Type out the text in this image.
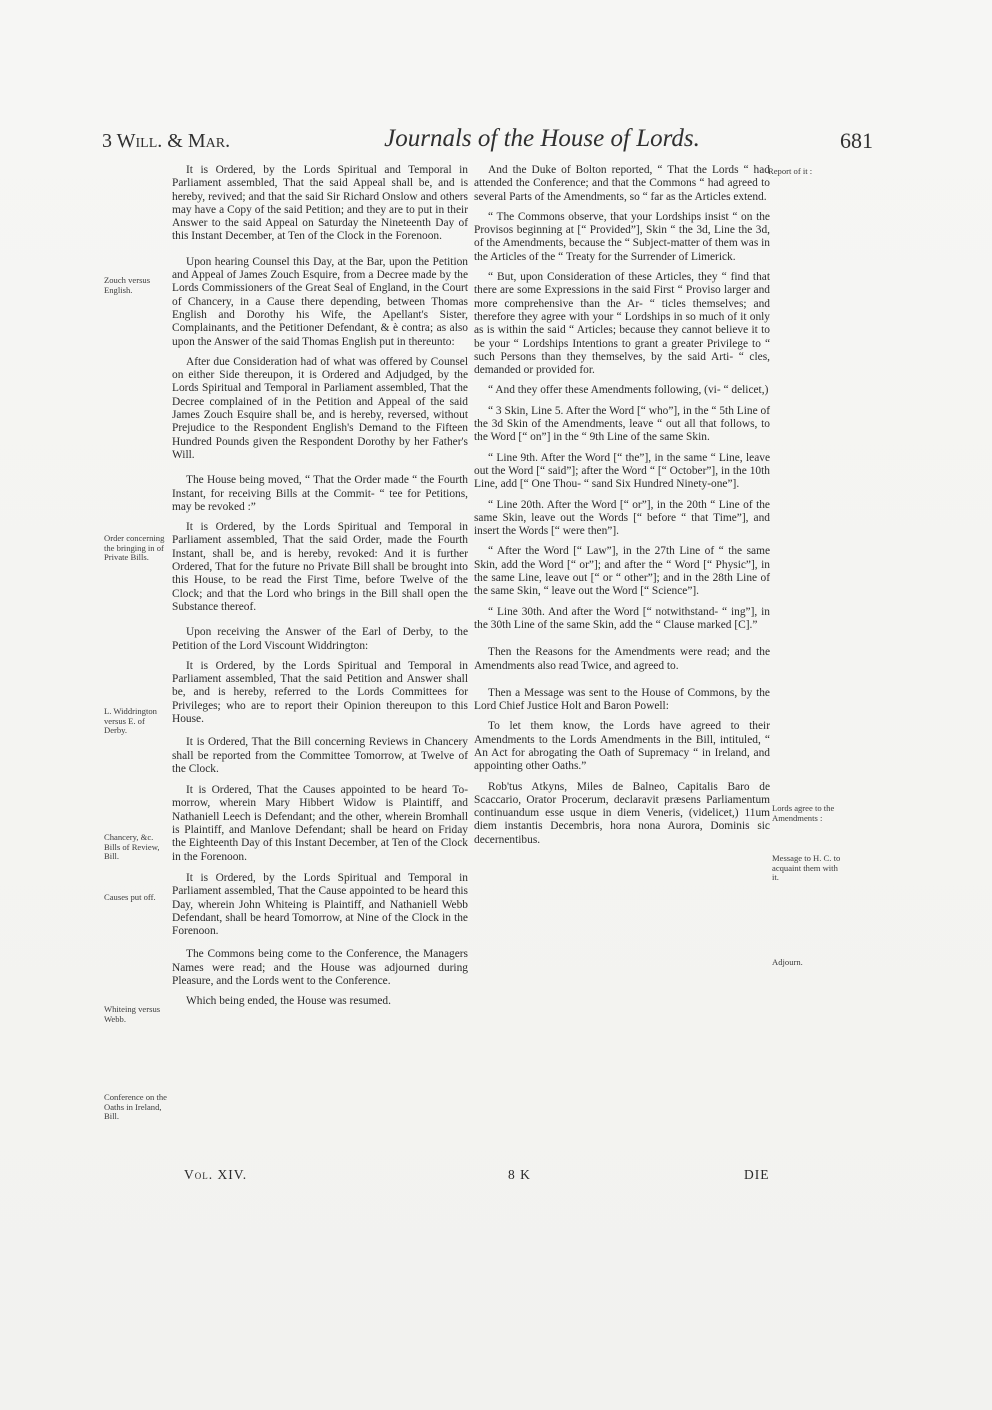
3 Will. & Mar.	Journals of the House of Lords.	681
Zouch versus English.
Order concerning the bringing in of Private Bills.
L. Widdrington versus E. of Derby.
Chancery, &c. Bills of Review, Bill.
Causes put off.
Whiteing versus Webb.
Conference on the Oaths in Ireland, Bill.
Report of it :
Lords agree to the Amendments :
Message to H. C. to acquaint them with it.
Adjourn.

It is Ordered, by the Lords Spiritual and Temporal in Parliament assembled, That the said Appeal shall be, and is hereby, revived; and that the said Sir Richard Onslow and others may have a Copy of the said Petition; and they are to put in their Answer to the said Appeal on Saturday the Nineteenth Day of this Instant December, at Ten of the Clock in the Forenoon.

Upon hearing Counsel this Day, at the Bar, upon the Petition and Appeal of James Zouch Esquire, from a Decree made by the Lords Commissioners of the Great Seal of England, in the Court of Chancery, in a Cause there depending, between Thomas English and Dorothy his Wife, the Apellant's Sister, Complainants, and the Petitioner Defendant, & è contra; as also upon the Answer of the said Thomas English put in thereunto:

After due Consideration had of what was offered by Counsel on either Side thereupon, it is Ordered and Adjudged, by the Lords Spiritual and Temporal in Parliament assembled, That the Decree complained of in the Petition and Appeal of the said James Zouch Esquire shall be, and is hereby, reversed, without Prejudice to the Respondent English's Demand to the Fifteen Hundred Pounds given the Respondent Dorothy by her Father's Will.

The House being moved, “ That the Order made “ the Fourth Instant, for receiving Bills at the Commit- “ tee for Petitions, may be revoked :”

It is Ordered, by the Lords Spiritual and Temporal in Parliament assembled, That the said Order, made the Fourth Instant, shall be, and is hereby, revoked: And it is further Ordered, That for the future no Private Bill shall be brought into this House, to be read the First Time, before Twelve of the Clock; and that the Lord who brings in the Bill shall open the Substance thereof.

Upon receiving the Answer of the Earl of Derby, to the Petition of the Lord Viscount Widdrington:

It is Ordered, by the Lords Spiritual and Temporal in Parliament assembled, That the said Petition and Answer shall be, and is hereby, referred to the Lords Committees for Privileges; who are to report their Opinion thereupon to this House.

It is Ordered, That the Bill concerning Reviews in Chancery shall be reported from the Committee Tomorrow, at Twelve of the Clock.

It is Ordered, That the Causes appointed to be heard To-morrow, wherein Mary Hibbert Widow is Plaintiff, and Nathaniell Leech is Defendant; and the other, wherein Bromhall is Plaintiff, and Manlove Defendant; shall be heard on Friday the Eighteenth Day of this Instant December, at Ten of the Clock in the Forenoon.

It is Ordered, by the Lords Spiritual and Temporal in Parliament assembled, That the Cause appointed to be heard this Day, wherein John Whiteing is Plaintiff, and Nathaniell Webb Defendant, shall be heard Tomorrow, at Nine of the Clock in the Forenoon.

The Commons being come to the Conference, the Managers Names were read; and the House was adjourned during Pleasure, and the Lords went to the Conference.

Which being ended, the House was resumed.

And the Duke of Bolton reported, “ That the Lords “ had attended the Conference; and that the Commons “ had agreed to several Parts of the Amendments, so “ far as the Articles extend.

“ The Commons observe, that your Lordships insist “ on the Provisos beginning at [“ Provided”], Skin “ the 3d, Line the 3d, of the Amendments, because the “ Subject-matter of them was in the Articles of the “ Treaty for the Surrender of Limerick.

“ But, upon Consideration of these Articles, they “ find that there are some Expressions in the said First “ Proviso larger and more comprehensive than the Ar- “ ticles themselves; and therefore they agree with your “ Lordships in so much of it only as is within the said “ Articles; because they cannot believe it to be your “ Lordships Intentions to grant a greater Privilege to “ such Persons than they themselves, by the said Arti- “ cles, demanded or provided for.

“ And they offer these Amendments following, (vi- “ delicet,)

“ 3 Skin, Line 5. After the Word [“ who”], in the “ 5th Line of the 3d Skin of the Amendments, leave “ out all that follows, to the Word [“ on”] in the “ 9th Line of the same Skin.

“ Line 9th. After the Word [“ the”], in the same “ Line, leave out the Word [“ said”]; after the Word “ [“ October”], in the 10th Line, add [“ One Thou- “ sand Six Hundred Ninety-one”].

“ Line 20th. After the Word [“ or”], in the 20th “ Line of the same Skin, leave out the Words [“ before “ that Time”], and insert the Words [“ were then”].

“ After the Word [“ Law”], in the 27th Line of “ the same Skin, add the Word [“ or”]; and after the “ Word [“ Physic”], in the same Line, leave out [“ or “ other”]; and in the 28th Line of the same Skin, “ leave out the Word [“ Science”].

“ Line 30th. And after the Word [“ notwithstand- “ ing”], in the 30th Line of the same Skin, add the “ Clause marked [C].”

Then the Reasons for the Amendments were read; and the Amendments also read Twice, and agreed to.

Then a Message was sent to the House of Commons, by the Lord Chief Justice Holt and Baron Powell:

To let them know, the Lords have agreed to their Amendments to the Lords Amendments in the Bill, intituled, “ An Act for abrogating the Oath of Supremacy “ in Ireland, and appointing other Oaths.”

Rob'tus Atkyns, Miles de Balneo, Capitalis Baro de Scaccario, Orator Procerum, declaravit præsens Parliamentum continuandum esse usque in diem Veneris, (videlicet,) 11um diem instantis Decembris, hora nona Aurora, Dominis sic decernentibus.

Vol. XIV.	8 K	DIE
